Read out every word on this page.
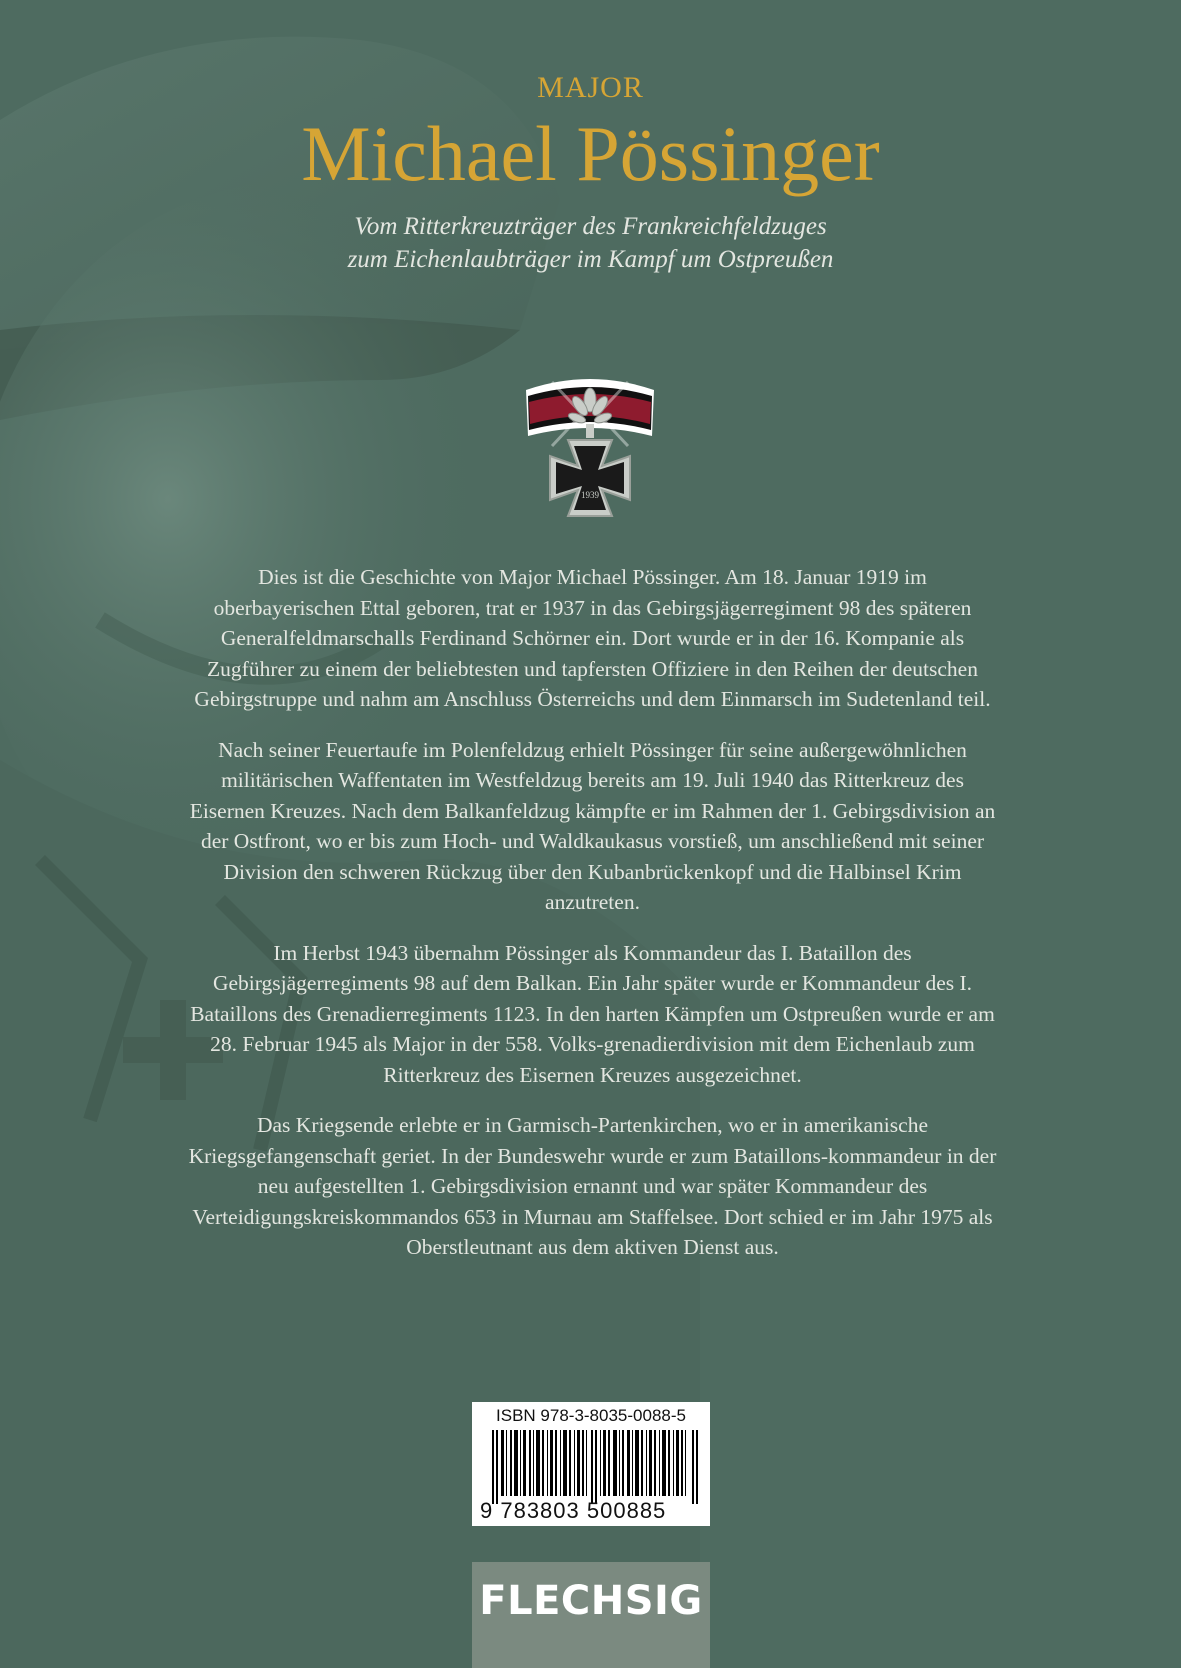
MAJOR
Michael Pössinger
Vom Ritterkreuzträger des Frankreichfeldzuges
zum Eichenlaubträger im Kampf um Ostpreußen
1939

Dies ist die Geschichte von Major Michael Pössinger. Am 18. Januar 1919 im oberbayerischen Ettal geboren, trat er 1937 in das Gebirgsjägerregiment 98 des späteren Generalfeldmarschalls Ferdinand Schörner ein. Dort wurde er in der 16. Kompanie als Zugführer zu einem der beliebtesten und tapfersten Offiziere in den Reihen der deutschen Gebirgstruppe und nahm am Anschluss Österreichs und dem Einmarsch im Sudetenland teil.

Nach seiner Feuertaufe im Polenfeldzug erhielt Pössinger für seine außergewöhnlichen militärischen Waffentaten im Westfeldzug bereits am 19. Juli 1940 das Ritterkreuz des Eisernen Kreuzes. Nach dem Balkanfeldzug kämpfte er im Rahmen der 1. Gebirgsdivision an der Ostfront, wo er bis zum Hoch- und Waldkaukasus vorstieß, um anschließend mit seiner Division den schweren Rückzug über den Kubanbrückenkopf und die Halbinsel Krim anzutreten.

Im Herbst 1943 übernahm Pössinger als Kommandeur das I. Bataillon des Gebirgsjägerregiments 98 auf dem Balkan. Ein Jahr später wurde er Kommandeur des I. Bataillons des Grenadierregiments 1123. In den harten Kämpfen um Ostpreußen wurde er am 28. Februar 1945 als Major in der 558. Volks-grenadierdivision mit dem Eichenlaub zum Ritterkreuz des Eisernen Kreuzes ausgezeichnet.

Das Kriegsende erlebte er in Garmisch-Partenkirchen, wo er in amerikanische Kriegsgefangenschaft geriet. In der Bundeswehr wurde er zum Bataillons-kommandeur in der neu aufgestellten 1. Gebirgsdivision ernannt und war später Kommandeur des Verteidigungskreiskommandos 653 in Murnau am Staffelsee. Dort schied er im Jahr 1975 als Oberstleutnant aus dem aktiven Dienst aus.

ISBN 978-3-8035-0088-5
9 783803 500885
FLECHSIG
